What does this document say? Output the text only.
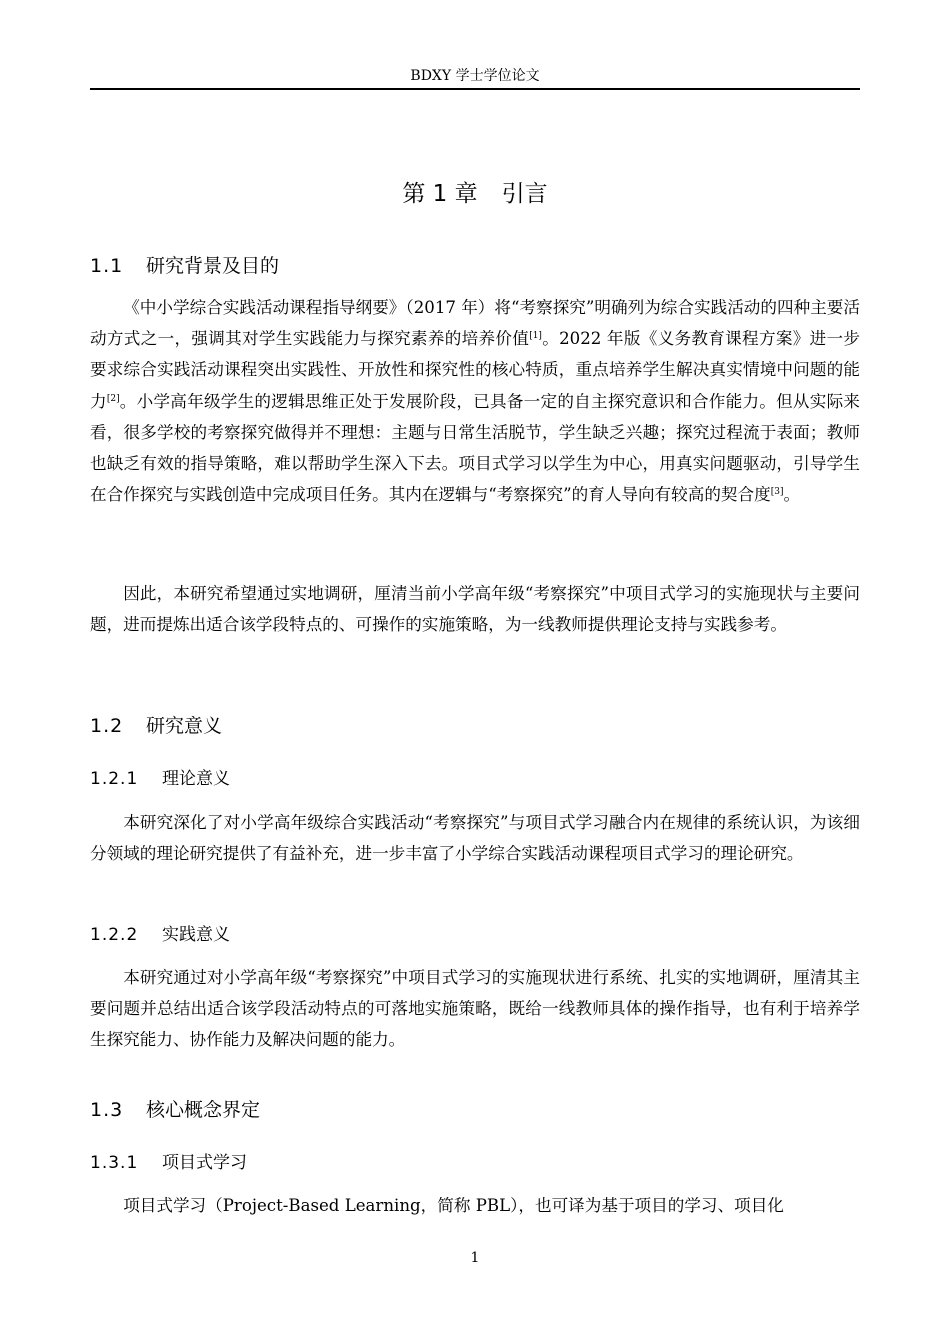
BDXY 学士学位论文
第 1 章 引言
1.1 研究背景及目的

《中小学综合实践活动课程指导纲要》（2017 年）将“考察探究”明确列为综合实践活动的四种主要活动方式之一，强调其对学生实践能力与探究素养的培养价值[1]。2022 年版《义务教育课程方案》进一步要求综合实践活动课程突出实践性、开放性和探究性的核心特质，重点培养学生解决真实情境中问题的能力[2]。小学高年级学生的逻辑思维正处于发展阶段，已具备一定的自主探究意识和合作能力。但从实际来看，很多学校的考察探究做得并不理想：主题与日常生活脱节，学生缺乏兴趣；探究过程流于表面；教师也缺乏有效的指导策略，难以帮助学生深入下去。项目式学习以学生为中心，用真实问题驱动，引导学生在合作探究与实践创造中完成项目任务。其内在逻辑与“考察探究”的育人导向有较高的契合度[3]。

因此，本研究希望通过实地调研，厘清当前小学高年级“考察探究”中项目式学习的实施现状与主要问题，进而提炼出适合该学段特点的、可操作的实施策略，为一线教师提供理论支持与实践参考。

1.2 研究意义
1.2.1 理论意义

本研究深化了对小学高年级综合实践活动“考察探究”与项目式学习融合内在规律的系统认识，为该细分领域的理论研究提供了有益补充，进一步丰富了小学综合实践活动课程项目式学习的理论研究。

1.2.2 实践意义

本研究通过对小学高年级“考察探究”中项目式学习的实施现状进行系统、扎实的实地调研，厘清其主要问题并总结出适合该学段活动特点的可落地实施策略，既给一线教师具体的操作指导，也有利于培养学生探究能力、协作能力及解决问题的能力。

1.3 核心概念界定
1.3.1 项目式学习

项目式学习（Project-Based Learning，简称 PBL），也可译为基于项目的学习、项目化

1
